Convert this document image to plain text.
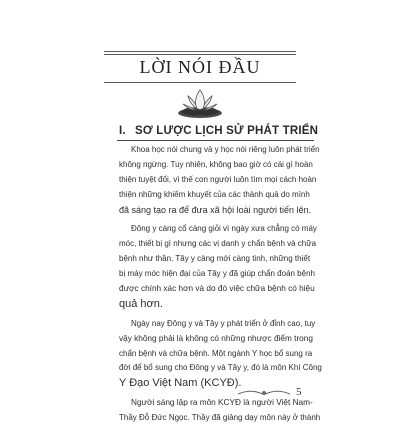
LỜI NÓI ĐẦU
I. SƠ LƯỢC LỊCH SỬ PHÁT TRIỂN
Khoa học nói chung và y học nói riêng luôn phát triển
không ngừng. Tuy nhiên, không bao giờ có cái gì hoàn
thiện tuyệt đối, vì thế con người luôn tìm mọi cách hoàn
thiện những khiếm khuyết của các thành quả do mình
đã sáng tạo ra để đưa xã hội loài người tiến lên.
Đông y càng cổ càng giỏi vì ngày xưa chẳng có máy
móc, thiết bị gì nhưng các vị danh y chẩn bệnh và chữa
bệnh như thần. Tây y càng mới càng tinh, những thiết
bị máy móc hiện đại của Tây y đã giúp chẩn đoán bệnh
được chính xác hơn và do đó việc chữa bệnh có hiệu
quả hơn.
Ngày nay Đông y và Tây y phát triển ở đỉnh cao, tuy
vậy không phải là không có những nhược điểm trong
chẩn bệnh và chữa bệnh. Một ngành Y học bổ sung ra
đời để bổ sung cho Đông y và Tây y, đó là môn Khí Công
Y Đạo Việt Nam (KCYĐ).
Người sáng lập ra môn KCYĐ là người Việt Nam-
Thầy Đỗ Đức Ngọc. Thầy đã giảng dạy môn này ở thành
5
